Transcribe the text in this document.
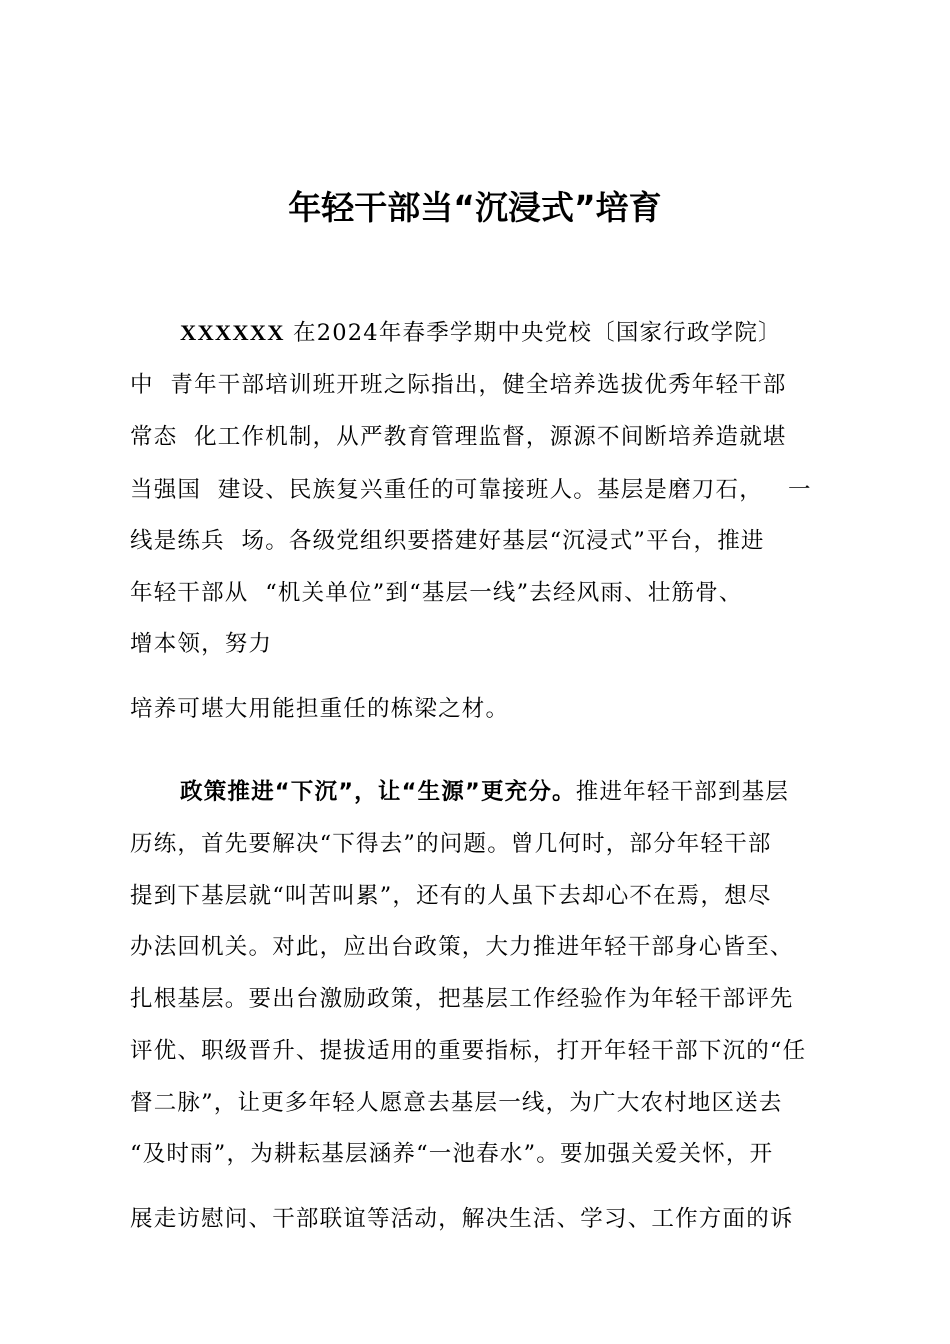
年轻干部当“沉浸式”培育

XXXXXX 在2024年春季学期中央党校〔国家行政学院〕

中  青年干部培训班开班之际指出，健全培养选拔优秀年轻干部

常态  化工作机制，从严教育管理监督，源源不间断培养造就堪

当强国  建设、民族复兴重任的可靠接班人。基层是磨刀石，   一

线是练兵  场。各级党组织要搭建好基层“沉浸式”平台，推进

年轻干部从  “机关单位”到“基层一线”去经风雨、壮筋骨、

增本领，努力

培养可堪大用能担重任的栋梁之材。

政策推进“下沉”，让“生源”更充分。推进年轻干部到基层

历练，首先要解决“下得去”的问题。曾几何时，部分年轻干部

提到下基层就“叫苦叫累”，还有的人虽下去却心不在焉，想尽

办法回机关。对此，应出台政策，大力推进年轻干部身心皆至、

扎根基层。要出台激励政策，把基层工作经验作为年轻干部评先

评优、职级晋升、提拔适用的重要指标，打开年轻干部下沉的“任

督二脉”，让更多年轻人愿意去基层一线，为广大农村地区送去

“及时雨”，为耕耘基层涵养“一池春水”。要加强关爱关怀，开

展走访慰问、干部联谊等活动，解决生活、学习、工作方面的诉
